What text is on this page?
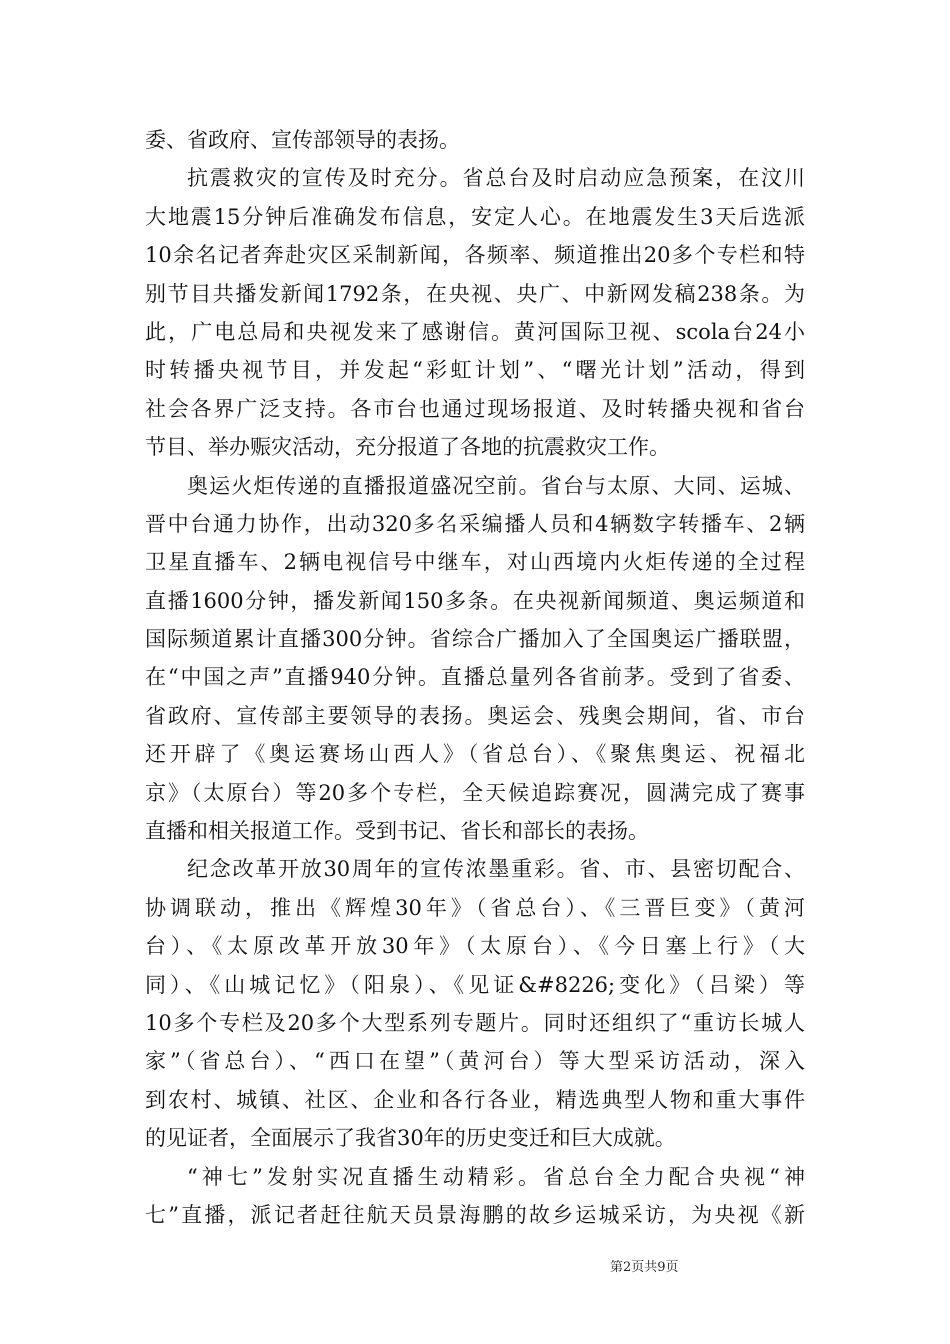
委、省政府、宣传部领导的表扬。
抗震救灾的宣传及时充分。省总台及时启动应急预案，在汶川
大地震15分钟后准确发布信息，安定人心。在地震发生3天后选派
10余名记者奔赴灾区采制新闻，各频率、频道推出20多个专栏和特
别节目共播发新闻1792条，在央视、央广、中新网发稿238条。为
此，广电总局和央视发来了感谢信。黄河国际卫视、scola台24小
时转播央视节目，并发起“彩虹计划”、“曙光计划”活动，得到
社会各界广泛支持。各市台也通过现场报道、及时转播央视和省台
节目、举办赈灾活动，充分报道了各地的抗震救灾工作。
奥运火炬传递的直播报道盛况空前。省台与太原、大同、运城、
晋中台通力协作，出动320多名采编播人员和4辆数字转播车、2辆
卫星直播车、2辆电视信号中继车，对山西境内火炬传递的全过程
直播1600分钟，播发新闻150多条。在央视新闻频道、奥运频道和
国际频道累计直播300分钟。省综合广播加入了全国奥运广播联盟，
在“中国之声”直播940分钟。直播总量列各省前茅。受到了省委、
省政府、宣传部主要领导的表扬。奥运会、残奥会期间，省、市台
还开辟了《奥运赛场山西人》（省总台）、《聚焦奥运、祝福北
京》（太原台）等20多个专栏，全天候追踪赛况，圆满完成了赛事
直播和相关报道工作。受到书记、省长和部长的表扬。
纪念改革开放30周年的宣传浓墨重彩。省、市、县密切配合、
协调联动，推出《辉煌30年》（省总台）、《三晋巨变》（黄河
台）、《太原改革开放30年》（太原台）、《今日塞上行》（大
同）、《山城记忆》（阳泉）、《见证&#8226;变化》（吕梁）等
10多个专栏及20多个大型系列专题片。同时还组织了“重访长城人
家”（省总台）、“西口在望”（黄河台）等大型采访活动，深入
到农村、城镇、社区、企业和各行各业，精选典型人物和重大事件
的见证者，全面展示了我省30年的历史变迁和巨大成就。
“神七”发射实况直播生动精彩。省总台全力配合央视“神
七”直播，派记者赶往航天员景海鹏的故乡运城采访，为央视《新
第2页共9页
